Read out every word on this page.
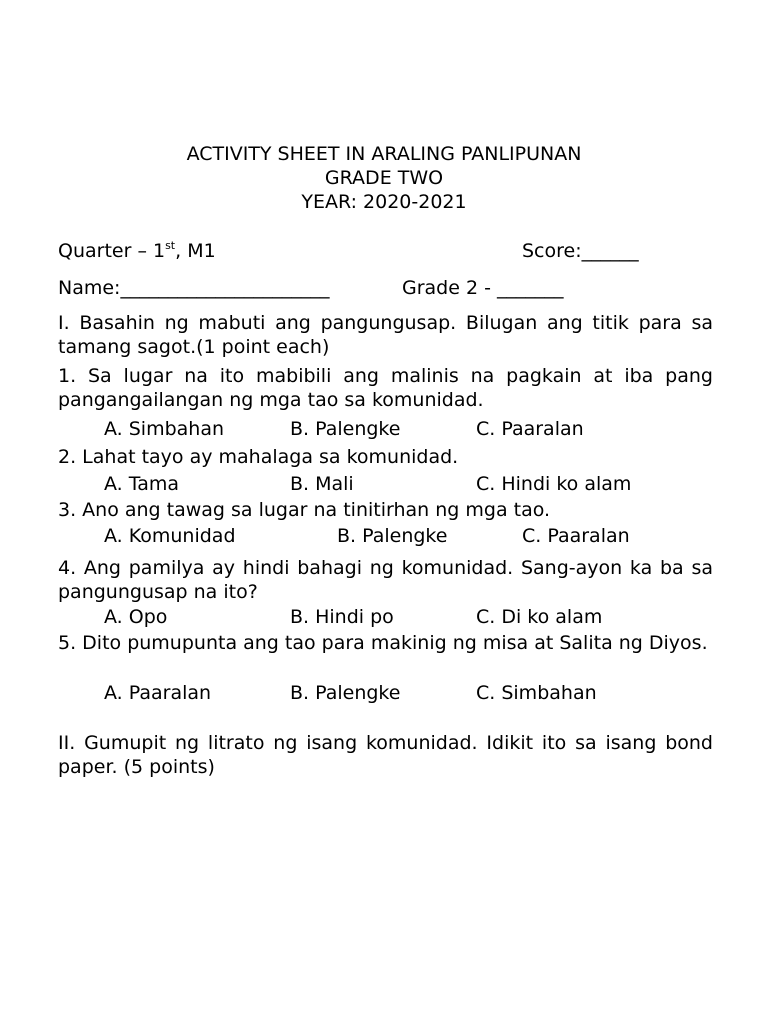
ACTIVITY SHEET IN ARALING PANLIPUNAN
GRADE TWO
YEAR: 2020-2021
Quarter – 1st, M1	Score:______
Name:______________________	Grade 2 - _______
I. Basahin ng mabuti ang pangungusap. Bilugan ang titik para sa tamang sagot.(1 point each)
1. Sa lugar na ito mabibili ang malinis na pagkain at iba pang pangangailangan ng mga tao sa komunidad.
A. Simbahan	B. Palengke	C. Paaralan
2. Lahat tayo ay mahalaga sa komunidad.
A. Tama	B. Mali	C. Hindi ko alam
3. Ano ang tawag sa lugar na tinitirhan ng mga tao.
A. Komunidad	B. Palengke	C. Paaralan
4. Ang pamilya ay hindi bahagi ng komunidad. Sang-ayon ka ba sa pangungusap na ito?
A. Opo	B. Hindi po	C. Di ko alam
5. Dito pumupunta ang tao para makinig ng misa at Salita ng Diyos.
A. Paaralan	B. Palengke	C. Simbahan
II. Gumupit ng litrato ng isang komunidad. Idikit ito sa isang bond paper. (5 points)
